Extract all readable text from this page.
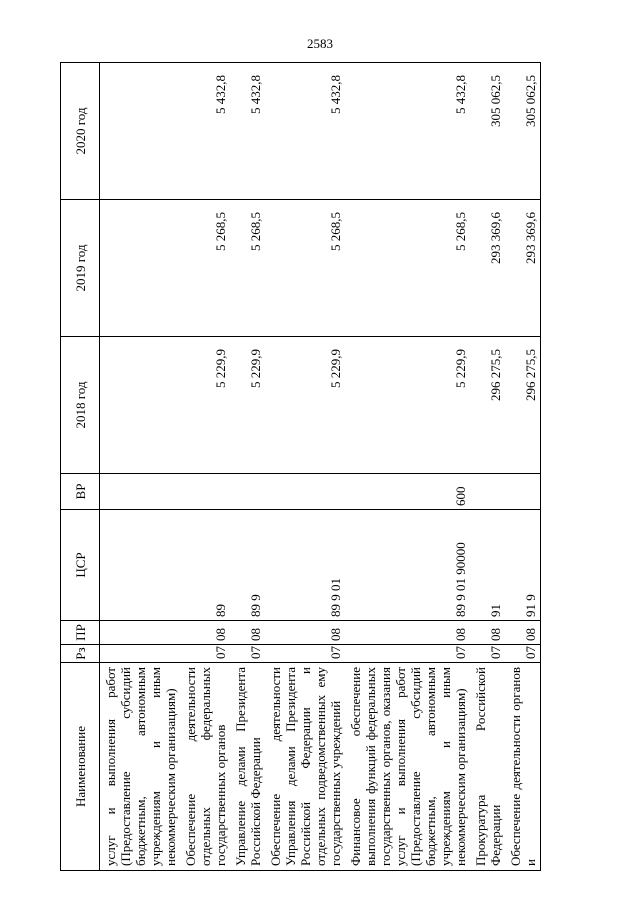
2583
Наименование	Рз	ПР	ЦСР	ВР	2018 год	2019 год	2020 год
услуг и выполнения работ (Предоставление субсидий бюджетным, автономным учреждениям и иным некоммерческим организациям)							
Обеспечение деятельности отдельных федеральных государственных органов	07	08	89		5 229,9	5 268,5	5 432,8
Управление делами Президента Российской Федерации	07	08	89 9		5 229,9	5 268,5	5 432,8
Обеспечение деятельности Управления делами Президента Российской Федерации и отдельных подведомственных ему государственных учреждений	07	08	89 9 01		5 229,9	5 268,5	5 432,8
Финансовое обеспечение выполнения функций федеральных государственных органов, оказания услуг и выполнения работ (Предоставление субсидий бюджетным, автономным учреждениям и иным некоммерческим организациям)	07	08	89 9 01 90000	600	5 229,9	5 268,5	5 432,8
Прокуратура Российской Федерации	07	08	91		296 275,5	293 369,6	305 062,5
Обеспечение деятельности органов и	07	08	91 9		296 275,5	293 369,6	305 062,5
